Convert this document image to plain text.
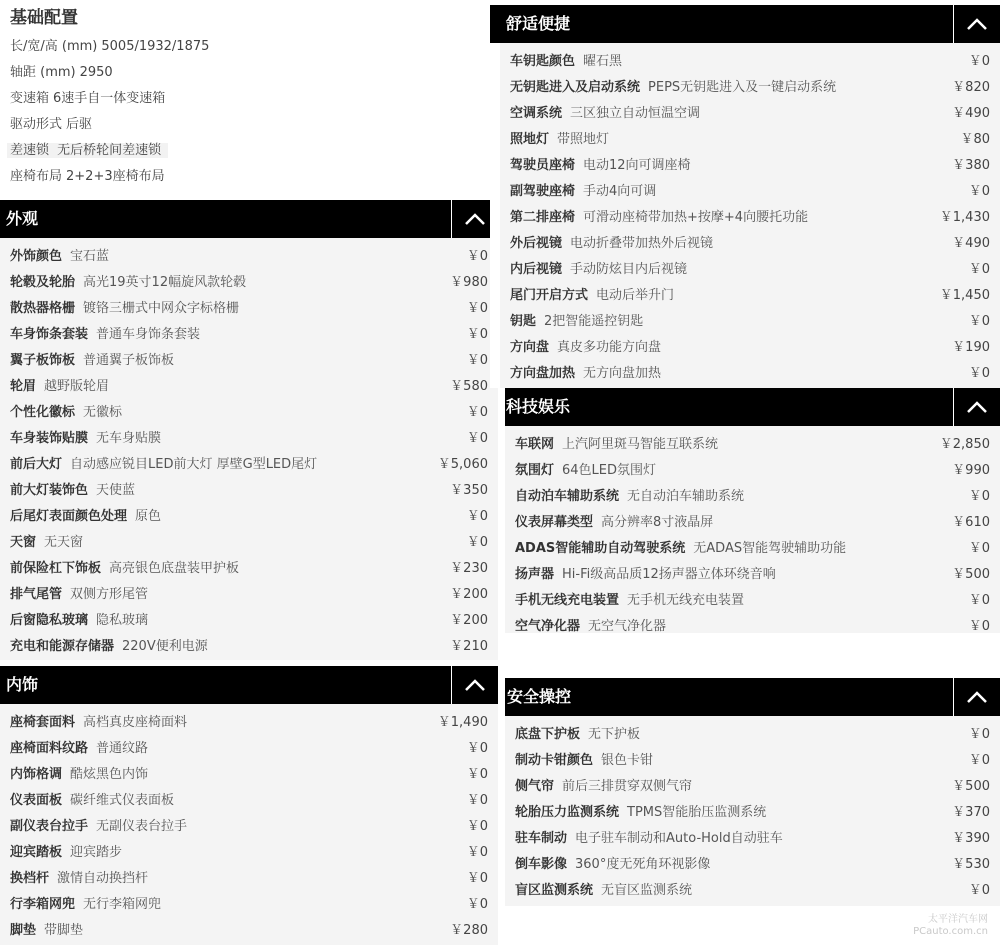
基础配置
长/宽/高 (mm) 5005/1932/1875
轴距 (mm) 2950
变速箱 6速手自一体变速箱
驱动形式 后驱
差速锁 无后桥轮间差速锁
座椅布局 2+2+3座椅布局
外观
外饰颜色 宝石蓝	￥0
轮毂及轮胎 高光19英寸12幅旋风款轮毂	￥980
散热器格栅 镀铬三栅式中网众字标格栅	￥0
车身饰条套装 普通车身饰条套装	￥0
翼子板饰板 普通翼子板饰板	￥0
轮眉 越野版轮眉	￥580
个性化徽标 无徽标	￥0
车身装饰贴膜 无车身贴膜	￥0
前后大灯 自动感应锐目LED前大灯 厚壁G型LED尾灯	￥5,060
前大灯装饰色 天使蓝	￥350
后尾灯表面颜色处理 原色	￥0
天窗 无天窗	￥0
前保险杠下饰板 高亮银色底盘装甲护板	￥230
排气尾管 双侧方形尾管	￥200
后窗隐私玻璃 隐私玻璃	￥200
充电和能源存储器 220V便利电源	￥210
内饰
座椅套面料 高档真皮座椅面料	￥1,490
座椅面料纹路 普通纹路	￥0
内饰格调 酷炫黑色内饰	￥0
仪表面板 碳纤维式仪表面板	￥0
副仪表台拉手 无副仪表台拉手	￥0
迎宾踏板 迎宾踏步	￥0
换档杆 激情自动换挡杆	￥0
行李箱网兜 无行李箱网兜	￥0
脚垫 带脚垫	￥280
舒适便捷
车钥匙颜色 曜石黑	￥0
无钥匙进入及启动系统 PEPS无钥匙进入及一键启动系统	￥820
空调系统 三区独立自动恒温空调	￥490
照地灯 带照地灯	￥80
驾驶员座椅 电动12向可调座椅	￥380
副驾驶座椅 手动4向可调	￥0
第二排座椅 可滑动座椅带加热+按摩+4向腰托功能	￥1,430
外后视镜 电动折叠带加热外后视镜	￥490
内后视镜 手动防炫目内后视镜	￥0
尾门开启方式 电动后举升门	￥1,450
钥匙 2把智能遥控钥匙	￥0
方向盘 真皮多功能方向盘	￥190
方向盘加热 无方向盘加热	￥0
科技娱乐
车联网 上汽阿里斑马智能互联系统	￥2,850
氛围灯 64色LED氛围灯	￥990
自动泊车辅助系统 无自动泊车辅助系统	￥0
仪表屏幕类型 高分辨率8寸液晶屏	￥610
ADAS智能辅助自动驾驶系统 无ADAS智能驾驶辅助功能	￥0
扬声器 Hi-Fi级高品质12扬声器立体环绕音响	￥500
手机无线充电装置 无手机无线充电装置	￥0
空气净化器 无空气净化器	￥0
安全操控
底盘下护板 无下护板	￥0
制动卡钳颜色 银色卡钳	￥0
侧气帘 前后三排贯穿双侧气帘	￥500
轮胎压力监测系统 TPMS智能胎压监测系统	￥370
驻车制动 电子驻车制动和Auto-Hold自动驻车	￥390
倒车影像 360°度无死角环视影像	￥530
盲区监测系统 无盲区监测系统	￥0
太平洋汽车网
PCauto.com.cn
